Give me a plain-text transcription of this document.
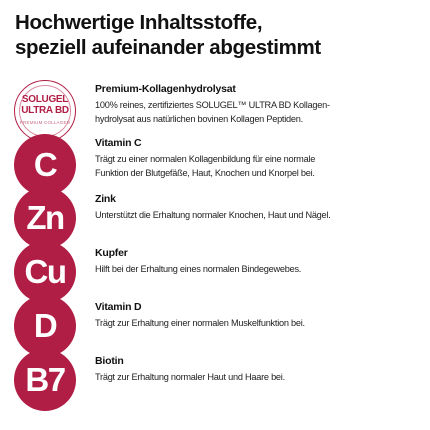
Hochwertige Inhaltsstoffe,
speziell aufeinander abgestimmt
SOLUGEL
ULTRA BD
PREMIUM COLLAGEN
Premium-Kollagenhydrolysat
100% reines, zertifiziertes SOLUGEL™ ULTRA BD Kollagen-
hydrolysat aus natürlichen bovinen Kollagen Peptiden.
C
Vitamin C
Trägt zu einer normalen Kollagenbildung für eine normale
Funktion der Blutgefäße, Haut, Knochen und Knorpel bei.
Zn	Zink
Unterstützt die Erhaltung normaler Knochen, Haut und Nägel.
Cu	Kupfer
Hilft bei der Erhaltung eines normalen Bindegewebes.
D	Vitamin D
Trägt zur Erhaltung einer normalen Muskelfunktion bei.
B7	Biotin
Trägt zur Erhaltung normaler Haut und Haare bei.
